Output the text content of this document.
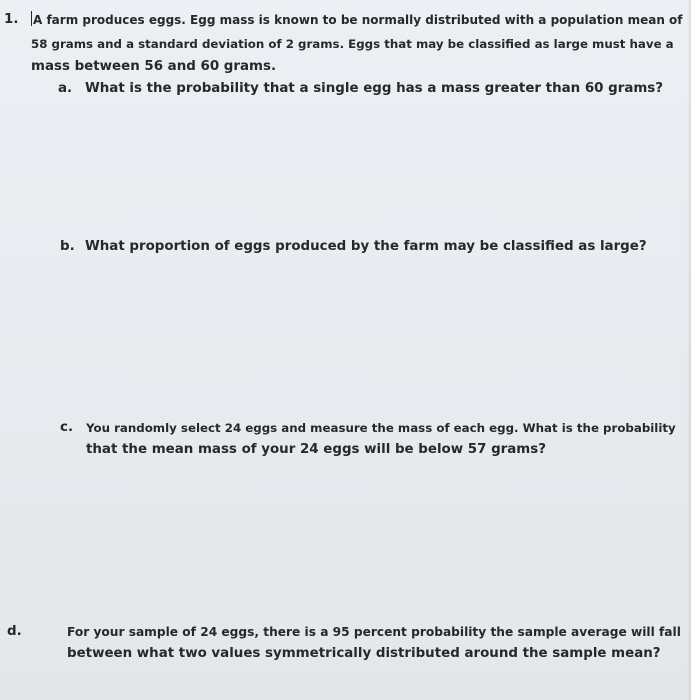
1. A farm produces eggs. Egg mass is known to be normally distributed with a population mean of
58 grams and a standard deviation of 2 grams. Eggs that may be classified as large must have a
mass between 56 and 60 grams.
a. What is the probability that a single egg has a mass greater than 60 grams?
b. What proportion of eggs produced by the farm may be classified as large?
c. You randomly select 24 eggs and measure the mass of each egg. What is the probability
that the mean mass of your 24 eggs will be below 57 grams?
d.	For your sample of 24 eggs, there is a 95 percent probability the sample average will fall
between what two values symmetrically distributed around the sample mean?
